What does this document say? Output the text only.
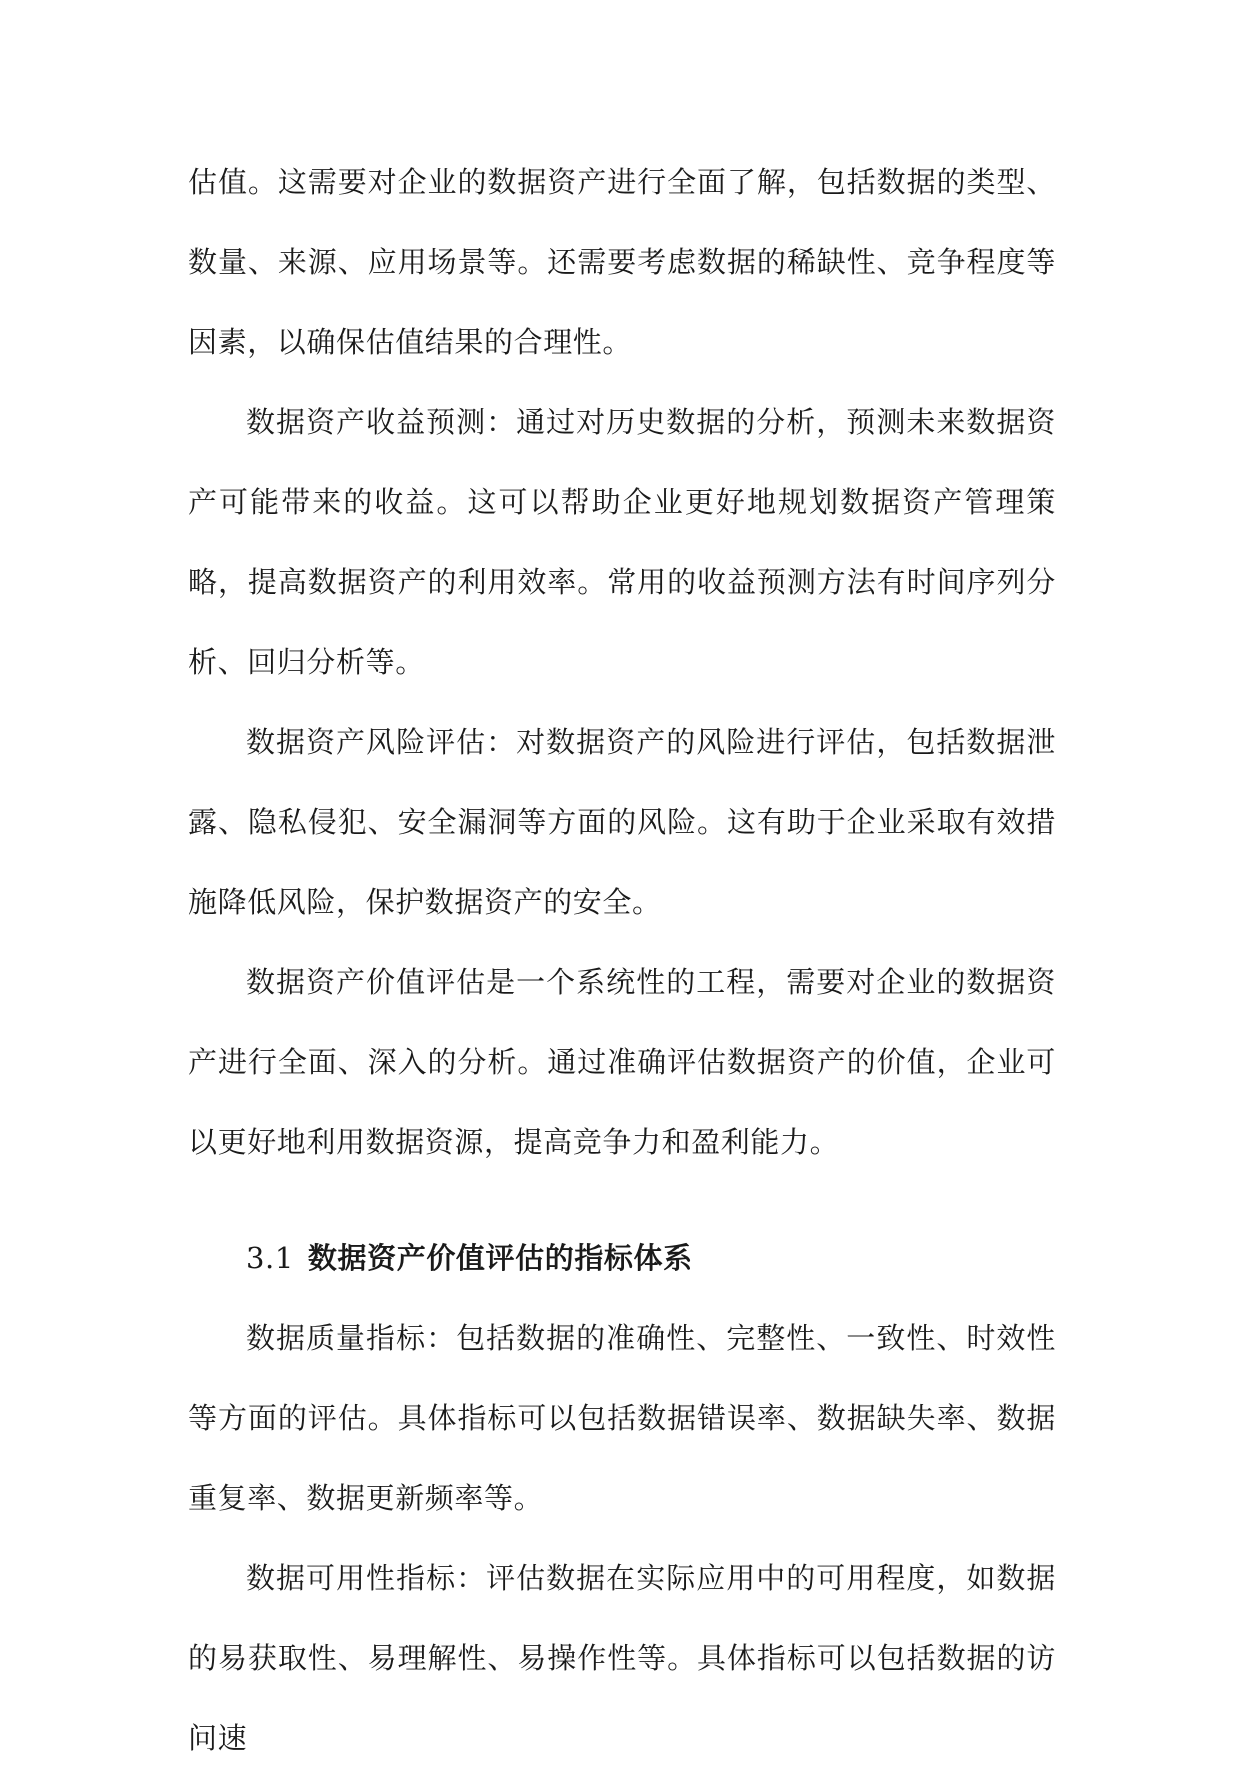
估值。这需要对企业的数据资产进行全面了解，包括数据的类型、数量、来源、应用场景等。还需要考虑数据的稀缺性、竞争程度等因素，以确保估值结果的合理性。

数据资产收益预测：通过对历史数据的分析，预测未来数据资产可能带来的收益。这可以帮助企业更好地规划数据资产管理策略，提高数据资产的利用效率。常用的收益预测方法有时间序列分析、回归分析等。

数据资产风险评估：对数据资产的风险进行评估，包括数据泄露、隐私侵犯、安全漏洞等方面的风险。这有助于企业采取有效措施降低风险，保护数据资产的安全。

数据资产价值评估是一个系统性的工程，需要对企业的数据资产进行全面、深入的分析。通过准确评估数据资产的价值，企业可以更好地利用数据资源，提高竞争力和盈利能力。

3.1 数据资产价值评估的指标体系

数据质量指标：包括数据的准确性、完整性、一致性、时效性等方面的评估。具体指标可以包括数据错误率、数据缺失率、数据重复率、数据更新频率等。

数据可用性指标：评估数据在实际应用中的可用程度，如数据的易获取性、易理解性、易操作性等。具体指标可以包括数据的访问速
